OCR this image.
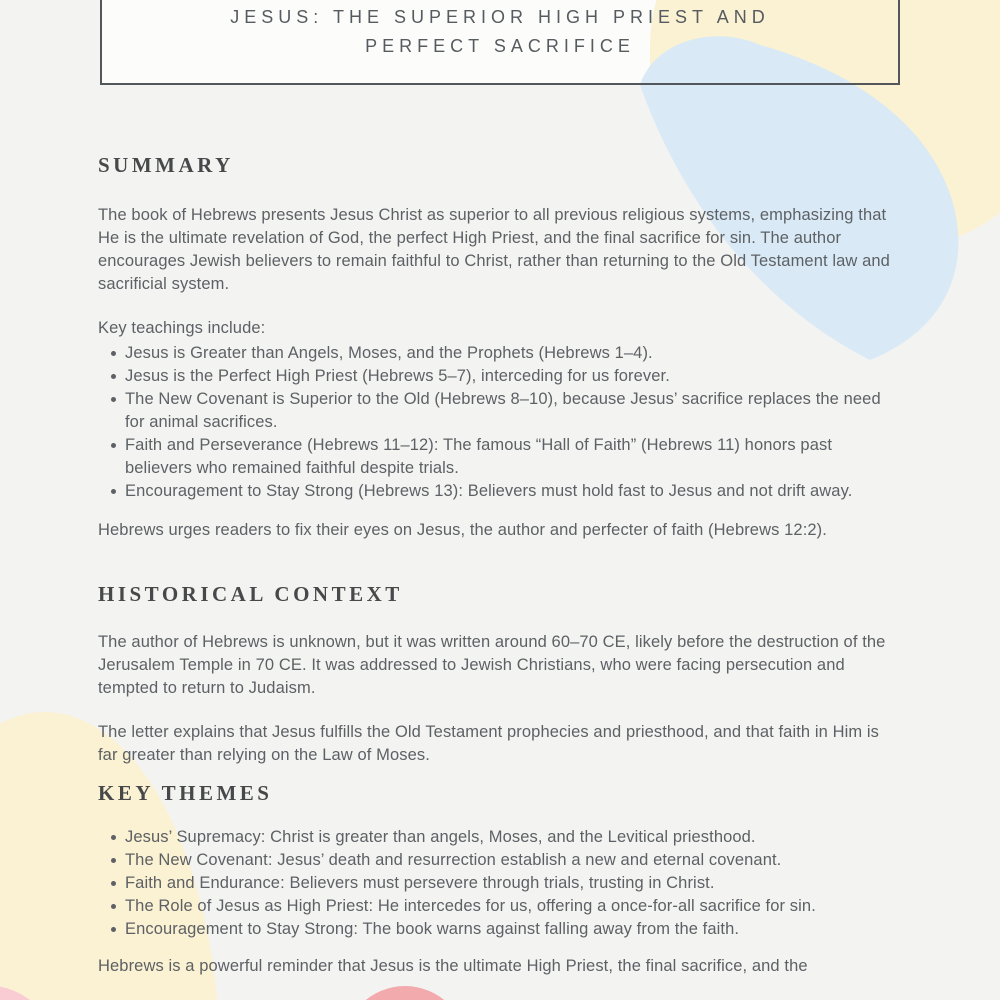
JESUS: THE SUPERIOR HIGH PRIEST AND
PERFECT SACRIFICE
SUMMARY

The book of Hebrews presents Jesus Christ as superior to all previous religious systems, emphasizing that He is the ultimate revelation of God, the perfect High Priest, and the final sacrifice for sin. The author encourages Jewish believers to remain faithful to Christ, rather than returning to the Old Testament law and sacrificial system.

Key teachings include:

Jesus is Greater than Angels, Moses, and the Prophets (Hebrews 1–4).
Jesus is the Perfect High Priest (Hebrews 5–7), interceding for us forever.
The New Covenant is Superior to the Old (Hebrews 8–10), because Jesus’ sacrifice replaces the need for animal sacrifices.
Faith and Perseverance (Hebrews 11–12): The famous “Hall of Faith” (Hebrews 11) honors past believers who remained faithful despite trials.
Encouragement to Stay Strong (Hebrews 13): Believers must hold fast to Jesus and not drift away.

Hebrews urges readers to fix their eyes on Jesus, the author and perfecter of faith (Hebrews 12:2).

HISTORICAL CONTEXT

The author of Hebrews is unknown, but it was written around 60–70 CE, likely before the destruction of the Jerusalem Temple in 70 CE. It was addressed to Jewish Christians, who were facing persecution and tempted to return to Judaism.

The letter explains that Jesus fulfills the Old Testament prophecies and priesthood, and that faith in Him is far greater than relying on the Law of Moses.

KEY THEMES
Jesus’ Supremacy: Christ is greater than angels, Moses, and the Levitical priesthood.
The New Covenant: Jesus’ death and resurrection establish a new and eternal covenant.
Faith and Endurance: Believers must persevere through trials, trusting in Christ.
The Role of Jesus as High Priest: He intercedes for us, offering a once-for-all sacrifice for sin.
Encouragement to Stay Strong: The book warns against falling away from the faith.

Hebrews is a powerful reminder that Jesus is the ultimate High Priest, the final sacrifice, and the
